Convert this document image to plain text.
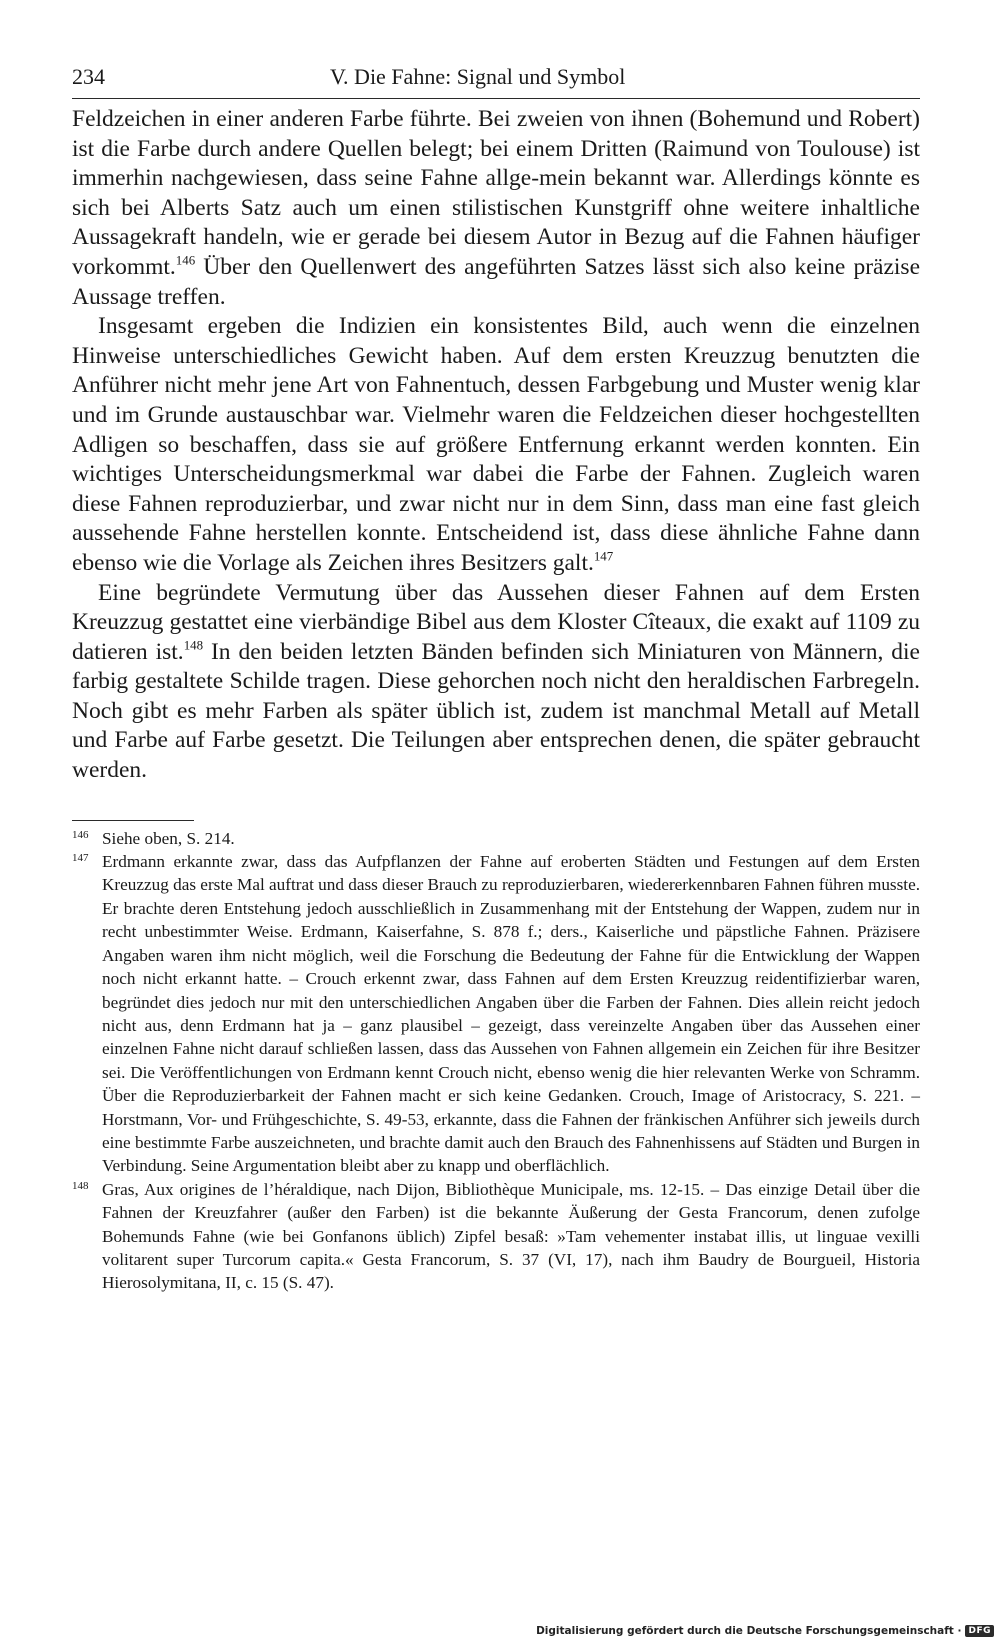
234	V. Die Fahne: Signal und Symbol

Feldzeichen in einer anderen Farbe führte. Bei zweien von ihnen (Bohemund und Robert) ist die Farbe durch andere Quellen belegt; bei einem Dritten (Raimund von Toulouse) ist immerhin nachgewiesen, dass seine Fahne allge-mein bekannt war. Allerdings könnte es sich bei Alberts Satz auch um einen stilistischen Kunstgriff ohne weitere inhaltliche Aussagekraft handeln, wie er gerade bei diesem Autor in Bezug auf die Fahnen häufiger vorkommt.$^{146}$ Über den Quellenwert des angeführten Satzes lässt sich also keine präzise Aussage treffen.

Insgesamt ergeben die Indizien ein konsistentes Bild, auch wenn die einzelnen Hinweise unterschiedliches Gewicht haben. Auf dem ersten Kreuzzug benutzten die Anführer nicht mehr jene Art von Fahnentuch, dessen Farbgebung und Muster wenig klar und im Grunde austauschbar war. Vielmehr waren die Feldzeichen dieser hochgestellten Adligen so beschaffen, dass sie auf größere Entfernung erkannt werden konnten. Ein wichtiges Unterscheidungsmerkmal war dabei die Farbe der Fahnen. Zugleich waren diese Fahnen reproduzierbar, und zwar nicht nur in dem Sinn, dass man eine fast gleich aussehende Fahne herstellen konnte. Entscheidend ist, dass diese ähnliche Fahne dann ebenso wie die Vorlage als Zeichen ihres Besitzers galt.$^{147}$

Eine begründete Vermutung über das Aussehen dieser Fahnen auf dem Ersten Kreuzzug gestattet eine vierbändige Bibel aus dem Kloster Cîteaux, die exakt auf 1109 zu datieren ist.$^{148}$ In den beiden letzten Bänden befinden sich Miniaturen von Männern, die farbig gestaltete Schilde tragen. Diese gehorchen noch nicht den heraldischen Farbregeln. Noch gibt es mehr Farben als später üblich ist, zudem ist manchmal Metall auf Metall und Farbe auf Farbe gesetzt. Die Teilungen aber entsprechen denen, die später gebraucht werden.

146 Siehe oben, S. 214.

147 Erdmann erkannte zwar, dass das Aufpflanzen der Fahne auf eroberten Städten und Festungen auf dem Ersten Kreuzzug das erste Mal auftrat und dass dieser Brauch zu reproduzierbaren, wiedererkennbaren Fahnen führen musste. Er brachte deren Entstehung jedoch ausschließlich in Zusammenhang mit der Entstehung der Wappen, zudem nur in recht unbestimmter Weise. Erdmann, Kaiserfahne, S. 878 f.; ders., Kaiserliche und päpstliche Fahnen. Präzisere Angaben waren ihm nicht möglich, weil die Forschung die Bedeutung der Fahne für die Entwicklung der Wappen noch nicht erkannt hatte. – Crouch erkennt zwar, dass Fahnen auf dem Ersten Kreuzzug reidentifizierbar waren, begründet dies jedoch nur mit den unterschiedlichen Angaben über die Farben der Fahnen. Dies allein reicht jedoch nicht aus, denn Erdmann hat ja – ganz plausibel – gezeigt, dass vereinzelte Angaben über das Aussehen einer einzelnen Fahne nicht darauf schließen lassen, dass das Aussehen von Fahnen allgemein ein Zeichen für ihre Besitzer sei. Die Veröffentlichungen von Erdmann kennt Crouch nicht, ebenso wenig die hier relevanten Werke von Schramm. Über die Reproduzierbarkeit der Fahnen macht er sich keine Gedanken. Crouch, Image of Aristocracy, S. 221. – Horstmann, Vor- und Frühgeschichte, S. 49-53, erkannte, dass die Fahnen der fränkischen Anführer sich jeweils durch eine bestimmte Farbe auszeichneten, und brachte damit auch den Brauch des Fahnenhissens auf Städten und Burgen in Verbindung. Seine Argumentation bleibt aber zu knapp und oberflächlich.

148 Gras, Aux origines de l’héraldique, nach Dijon, Bibliothèque Municipale, ms. 12-15. – Das einzige Detail über die Fahnen der Kreuzfahrer (außer den Farben) ist die bekannte Äußerung der Gesta Francorum, denen zufolge Bohemunds Fahne (wie bei Gonfanons üblich) Zipfel besaß: »Tam vehementer instabat illis, ut linguae vexilli volitarent super Turcorum capita.« Gesta Francorum, S. 37 (VI, 17), nach ihm Baudry de Bourgueil, Historia Hierosolymitana, II, c. 15 (S. 47).

Digitalisierung gefördert durch die Deutsche Forschungsgemeinschaft · DFG
